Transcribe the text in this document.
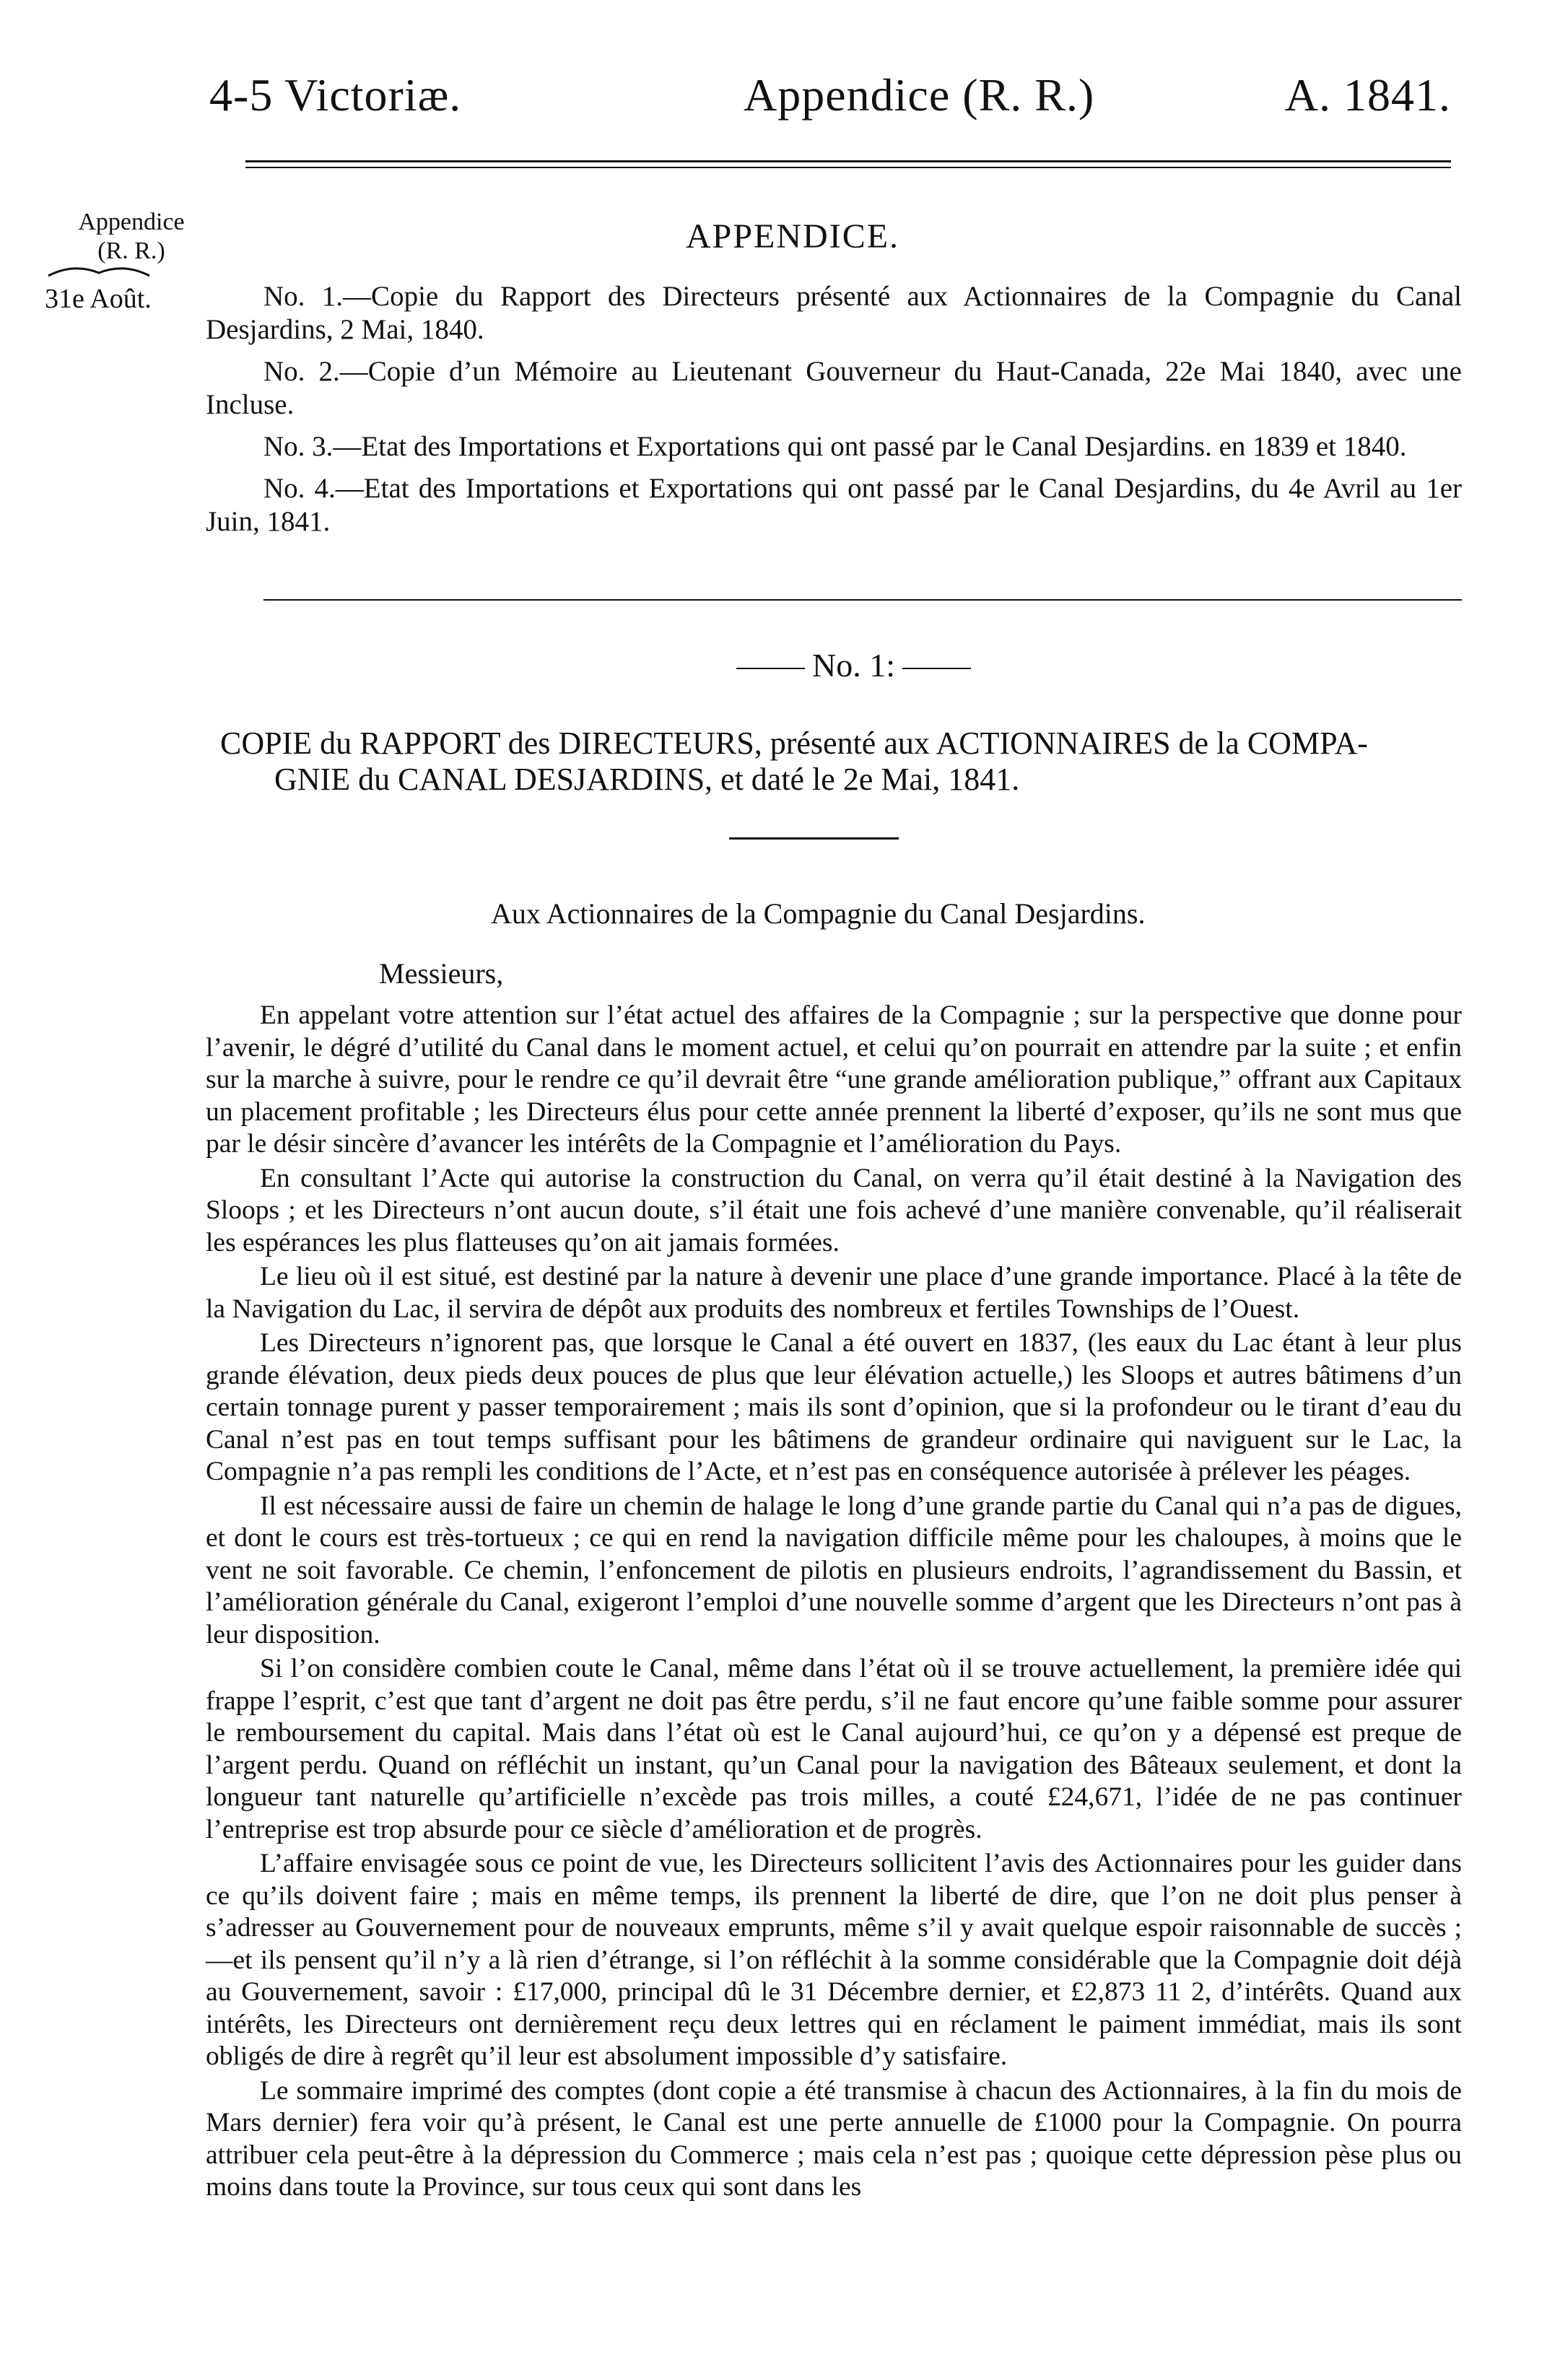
4-5 Victoriæ.	Appendice (R. R.)	A. 1841.
Appendice
(R. R.)
31e Août.
APPENDICE.

No. 1.—Copie du Rapport des Directeurs présenté aux Actionnaires de la Compagnie du Canal Desjardins, 2 Mai, 1840.

No. 2.—Copie d’un Mémoire au Lieutenant Gouverneur du Haut-Canada, 22e Mai 1840, avec une Incluse.

No. 3.—Etat des Importations et Exportations qui ont passé par le Canal Desjardins. en 1839 et 1840.

No. 4.—Etat des Importations et Exportations qui ont passé par le Canal Desjardins, du 4e Avril au 1er Juin, 1841.

No. 1:

COPIE du RAPPORT des DIRECTEURS, présenté aux ACTIONNAIRES de la COMPA-

GNIE du CANAL DESJARDINS, et daté le 2e Mai, 1841.

Aux Actionnaires de la Compagnie du Canal Desjardins.
Messieurs,

En appelant votre attention sur l’état actuel des affaires de la Compagnie ; sur la perspective que donne pour l’avenir, le dégré d’utilité du Canal dans le moment actuel, et celui qu’on pourrait en attendre par la suite ; et enfin sur la marche à suivre, pour le rendre ce qu’il devrait être “une grande amélioration publique,” offrant aux Capitaux un placement profitable ; les Directeurs élus pour cette année prennent la liberté d’exposer, qu’ils ne sont mus que par le désir sincère d’avancer les intérêts de la Compagnie et l’amélioration du Pays.

En consultant l’Acte qui autorise la construction du Canal, on verra qu’il était destiné à la Navigation des Sloops ; et les Directeurs n’ont aucun doute, s’il était une fois achevé d’une manière convenable, qu’il réaliserait les espérances les plus flatteuses qu’on ait jamais formées.

Le lieu où il est situé, est destiné par la nature à devenir une place d’une grande importance. Placé à la tête de la Navigation du Lac, il servira de dépôt aux produits des nombreux et fertiles Townships de l’Ouest.

Les Directeurs n’ignorent pas, que lorsque le Canal a été ouvert en 1837, (les eaux du Lac étant à leur plus grande élévation, deux pieds deux pouces de plus que leur élévation actuelle,) les Sloops et autres bâtimens d’un certain tonnage purent y passer temporairement ; mais ils sont d’opinion, que si la profondeur ou le tirant d’eau du Canal n’est pas en tout temps suffisant pour les bâtimens de grandeur ordinaire qui naviguent sur le Lac, la Compagnie n’a pas rempli les conditions de l’Acte, et n’est pas en conséquence autorisée à prélever les péages.

Il est nécessaire aussi de faire un chemin de halage le long d’une grande partie du Canal qui n’a pas de digues, et dont le cours est très-tortueux ; ce qui en rend la navigation difficile même pour les chaloupes, à moins que le vent ne soit favorable. Ce chemin, l’enfoncement de pilotis en plusieurs endroits, l’agrandissement du Bassin, et l’amélioration générale du Canal, exigeront l’emploi d’une nouvelle somme d’argent que les Directeurs n’ont pas à leur disposition.

Si l’on considère combien coute le Canal, même dans l’état où il se trouve actuellement, la première idée qui frappe l’esprit, c’est que tant d’argent ne doit pas être perdu, s’il ne faut encore qu’une faible somme pour assurer le remboursement du capital. Mais dans l’état où est le Canal aujourd’hui, ce qu’on y a dépensé est preque de l’argent perdu. Quand on réfléchit un instant, qu’un Canal pour la navigation des Bâteaux seulement, et dont la longueur tant naturelle qu’artificielle n’excède pas trois milles, a couté £24,671, l’idée de ne pas continuer l’entreprise est trop absurde pour ce siècle d’amélioration et de progrès.

L’affaire envisagée sous ce point de vue, les Directeurs sollicitent l’avis des Actionnaires pour les guider dans ce qu’ils doivent faire ; mais en même temps, ils prennent la liberté de dire, que l’on ne doit plus penser à s’adresser au Gouvernement pour de nouveaux emprunts, même s’il y avait quelque espoir raisonnable de succès ;—et ils pensent qu’il n’y a là rien d’étrange, si l’on réfléchit à la somme considérable que la Compagnie doit déjà au Gouvernement, savoir : £17,000, principal dû le 31 Décembre dernier, et £2,873 11 2, d’intérêts. Quand aux intérêts, les Directeurs ont dernièrement reçu deux lettres qui en réclament le paiment immédiat, mais ils sont obligés de dire à regrêt qu’il leur est absolument impossible d’y satisfaire.

Le sommaire imprimé des comptes (dont copie a été transmise à chacun des Actionnaires, à la fin du mois de Mars dernier) fera voir qu’à présent, le Canal est une perte annuelle de £1000 pour la Compagnie. On pourra attribuer cela peut-être à la dépression du Commerce ; mais cela n’est pas ; quoique cette dépression pèse plus ou moins dans toute la Province, sur tous ceux qui sont dans les
